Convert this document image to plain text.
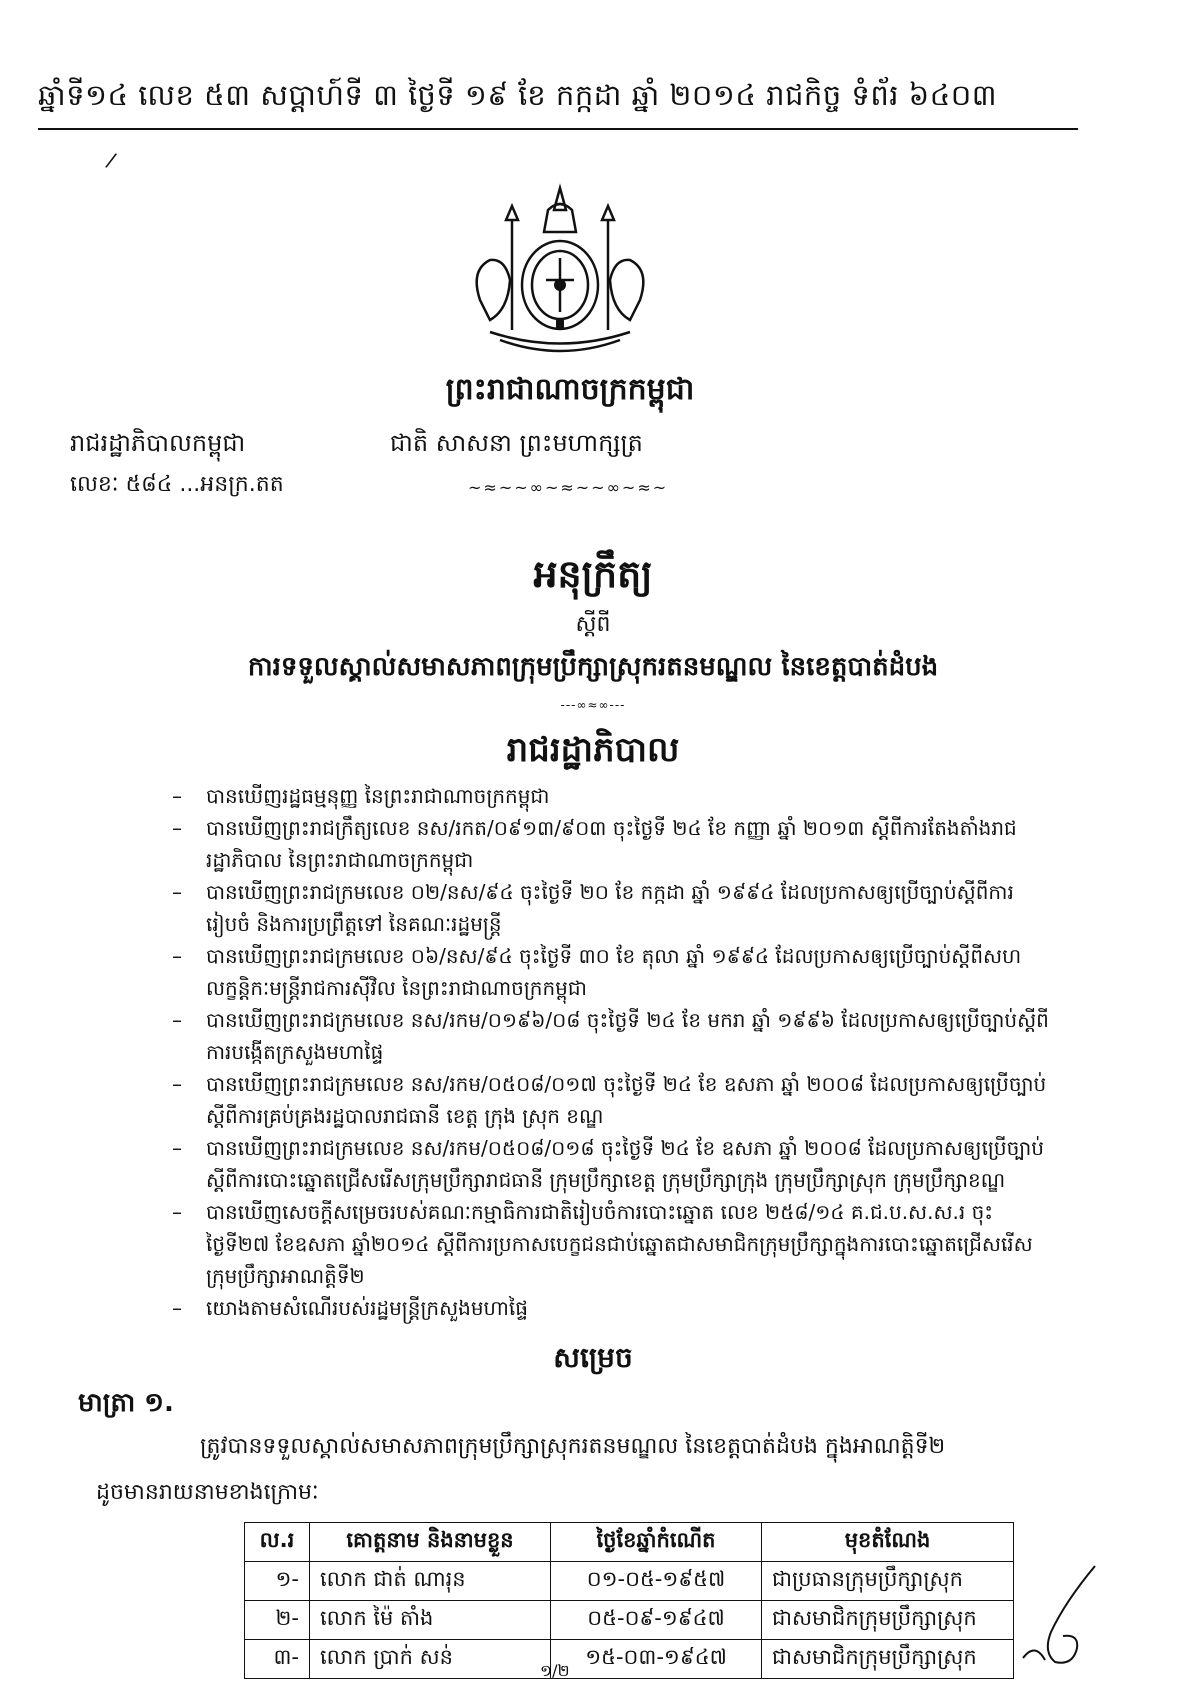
ឆ្នាំទី១៤ លេខ ៥៣ សប្តាហ៍ទី ៣ ថ្ងៃទី ១៩ ខែ កក្កដា ឆ្នាំ ២០១៤ រាជកិច្ច ទំព័រ ៦៤០៣
/
ព្រះរាជាណាចក្រកម្ពុជា
ជាតិ សាសនា ព្រះមហាក្សត្រ
~≈~~∞~≈~~∞~≈~
រាជរដ្ឋាភិបាលកម្ពុជា
លេខៈ ៥៨៤ ...អនក្រ.តត
អនុក្រឹត្យ
ស្តីពី
ការទទួលស្គាល់សមាសភាពក្រុមប្រឹក្សាស្រុករតនមណ្ឌល នៃខេត្តបាត់ដំបង
---∞≈∞---
រាជរដ្ឋាភិបាល
– បានឃើញរដ្ឋធម្មនុញ្ញ នៃព្រះរាជាណាចក្រកម្ពុជា
– បានឃើញព្រះរាជក្រឹត្យលេខ នស/រកត/០៩១៣/៩០៣ ចុះថ្ងៃទី ២៤ ខែ កញ្ញា ឆ្នាំ ២០១៣ ស្តីពីការតែងតាំងរាជរដ្ឋាភិបាល នៃព្រះរាជាណាចក្រកម្ពុជា
– បានឃើញព្រះរាជក្រមលេខ ០២/នស/៩៤ ចុះថ្ងៃទី ២០ ខែ កក្កដា ឆ្នាំ ១៩៩៤ ដែលប្រកាសឲ្យប្រើច្បាប់ស្តីពីការរៀបចំ និងការប្រព្រឹត្តទៅ នៃគណៈរដ្ឋមន្ត្រី
– បានឃើញព្រះរាជក្រមលេខ ០៦/នស/៩៤ ចុះថ្ងៃទី ៣០ ខែ តុលា ឆ្នាំ ១៩៩៤ ដែលប្រកាសឲ្យប្រើច្បាប់ស្តីពីសហលក្ខន្តិកៈមន្ត្រីរាជការស៊ីវិល នៃព្រះរាជាណាចក្រកម្ពុជា
– បានឃើញព្រះរាជក្រមលេខ នស/រកម/០១៩៦/០៨ ចុះថ្ងៃទី ២៤ ខែ មករា ឆ្នាំ ១៩៩៦ ដែលប្រកាសឲ្យប្រើច្បាប់ស្តីពីការបង្កើតក្រសួងមហាផ្ទៃ
– បានឃើញព្រះរាជក្រមលេខ នស/រកម/០៥០៨/០១៧ ចុះថ្ងៃទី ២៤ ខែ ឧសភា ឆ្នាំ ២០០៨ ដែលប្រកាសឲ្យប្រើច្បាប់ស្តីពីការគ្រប់គ្រងរដ្ឋបាលរាជធានី ខេត្ត ក្រុង ស្រុក ខណ្ឌ
– បានឃើញព្រះរាជក្រមលេខ នស/រកម/០៥០៨/០១៨ ចុះថ្ងៃទី ២៤ ខែ ឧសភា ឆ្នាំ ២០០៨ ដែលប្រកាសឲ្យប្រើច្បាប់ស្តីពីការបោះឆ្នោតជ្រើសរើសក្រុមប្រឹក្សារាជធានី ក្រុមប្រឹក្សាខេត្ត ក្រុមប្រឹក្សាក្រុង ក្រុមប្រឹក្សាស្រុក ក្រុមប្រឹក្សាខណ្ឌ
– បានឃើញសេចក្តីសម្រេចរបស់គណៈកម្មាធិការជាតិរៀបចំការបោះឆ្នោត លេខ ២៥៨/១៤ គ.ជ.ប.ស.ស.រ ចុះថ្ងៃទី២៧ ខែឧសភា ឆ្នាំ២០១៤ ស្តីពីការប្រកាសបេក្ខជនជាប់ឆ្នោតជាសមាជិកក្រុមប្រឹក្សាក្នុងការបោះឆ្នោតជ្រើសរើសក្រុមប្រឹក្សាអាណត្តិទី២
– យោងតាមសំណើរបស់រដ្ឋមន្ត្រីក្រសួងមហាផ្ទៃ
សម្រេច
មាត្រា ១.
ត្រូវបានទទួលស្គាល់សមាសភាពក្រុមប្រឹក្សាស្រុករតនមណ្ឌល នៃខេត្តបាត់ដំបង ក្នុងអាណត្តិទី២
ដូចមានរាយនាមខាងក្រោមៈ
ល.រ	គោត្តនាម និងនាមខ្លួន	ថ្ងៃខែឆ្នាំកំណើត	មុខតំណែង
១-	លោក ជាត់ ណារុន	០១-០៥-១៩៥៧	ជាប្រធានក្រុមប្រឹក្សាស្រុក
២-	លោក ម៉ៃ តាំង	០៥-០៩-១៩៤៧	ជាសមាជិកក្រុមប្រឹក្សាស្រុក
៣-	លោក ប្រាក់ សន់	១៥-០៣-១៩៤៧	ជាសមាជិកក្រុមប្រឹក្សាស្រុក
១/២
